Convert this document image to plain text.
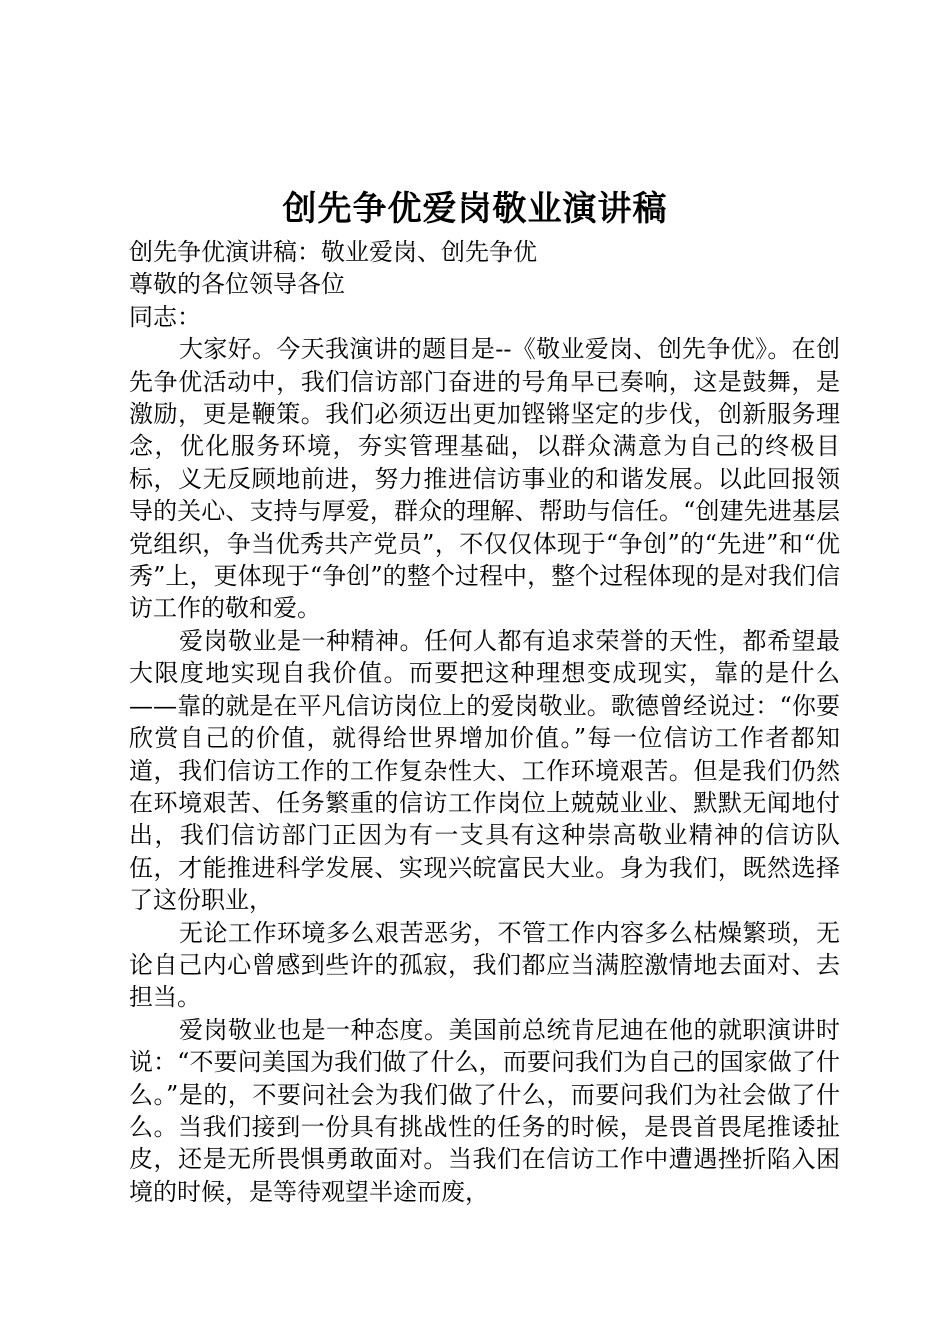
创先争优爱岗敬业演讲稿

创先争优演讲稿：敬业爱岗、创先争优

尊敬的各位领导各位

同志：

大家好。今天我演讲的题目是--《敬业爱岗、创先争优》。在创先争优活动中，我们信访部门奋进的号角早已奏响，这是鼓舞，是激励，更是鞭策。我们必须迈出更加铿锵坚定的步伐，创新服务理念，优化服务环境，夯实管理基础，以群众满意为自己的终极目标，义无反顾地前进，努力推进信访事业的和谐发展。以此回报领导的关心、支持与厚爱，群众的理解、帮助与信任。“创建先进基层党组织，争当优秀共产党员”，不仅仅体现于“争创”的“先进”和“优秀”上，更体现于“争创”的整个过程中，整个过程体现的是对我们信访工作的敬和爱。

爱岗敬业是一种精神。任何人都有追求荣誉的天性，都希望最大限度地实现自我价值。而要把这种理想变成现实，靠的是什么——靠的就是在平凡信访岗位上的爱岗敬业。歌德曾经说过：“你要欣赏自己的价值，就得给世界增加价值。”每一位信访工作者都知道，我们信访工作的工作复杂性大、工作环境艰苦。但是我们仍然在环境艰苦、任务繁重的信访工作岗位上兢兢业业、默默无闻地付出，我们信访部门正因为有一支具有这种崇高敬业精神的信访队伍，才能推进科学发展、实现兴皖富民大业。身为我们，既然选择了这份职业，

无论工作环境多么艰苦恶劣，不管工作内容多么枯燥繁琐，无论自己内心曾感到些许的孤寂，我们都应当满腔激情地去面对、去担当。

爱岗敬业也是一种态度。美国前总统肯尼迪在他的就职演讲时说：“不要问美国为我们做了什么，而要问我们为自己的国家做了什么。”是的，不要问社会为我们做了什么，而要问我们为社会做了什么。当我们接到一份具有挑战性的任务的时候，是畏首畏尾推诿扯皮，还是无所畏惧勇敢面对。当我们在信访工作中遭遇挫折陷入困境的时候，是等待观望半途而废，
